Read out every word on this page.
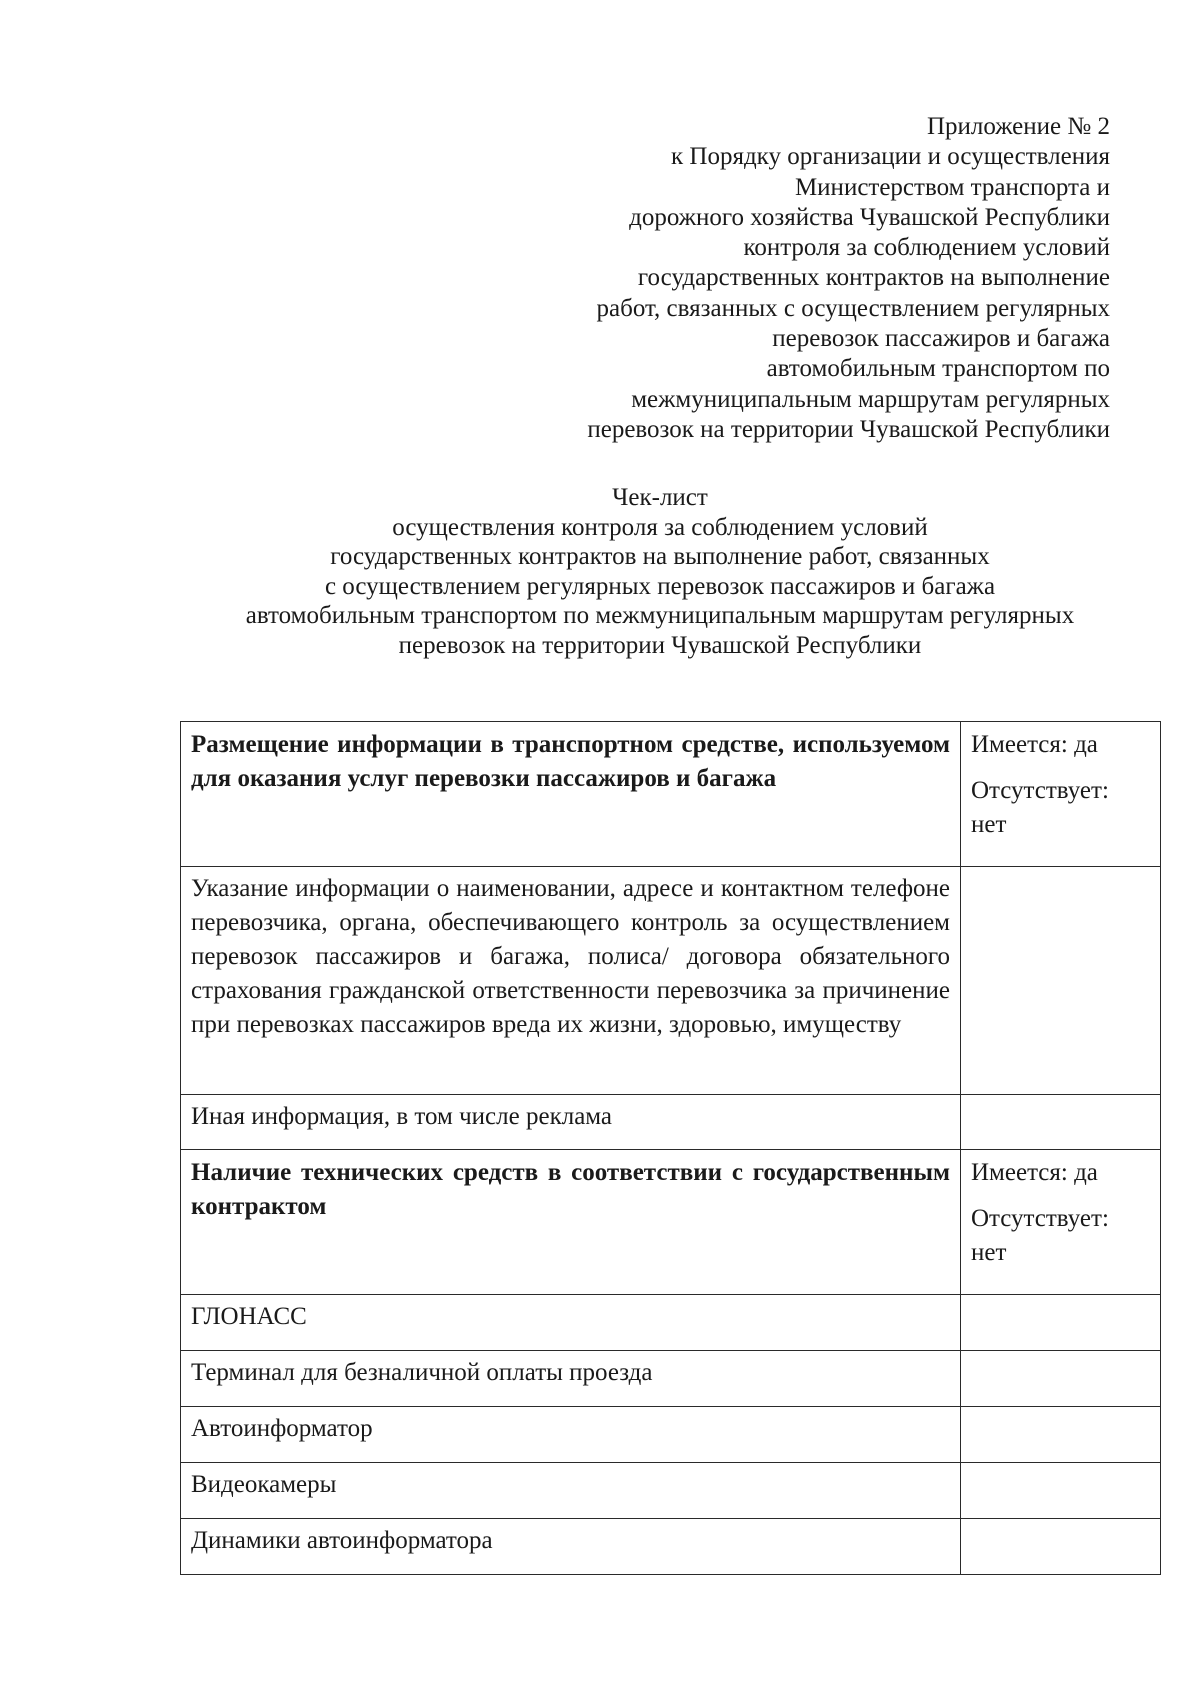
Приложение № 2
к Порядку организации и осуществления
Министерством транспорта и
дорожного хозяйства Чувашской Республики
контроля за соблюдением условий
государственных контрактов на выполнение
работ, связанных с осуществлением регулярных
перевозок пассажиров и багажа
автомобильным транспортом по
межмуниципальным маршрутам регулярных
перевозок на территории Чувашской Республики
Чек-лист
осуществления контроля за соблюдением условий
государственных контрактов на выполнение работ, связанных
с осуществлением регулярных перевозок пассажиров и багажа
автомобильным транспортом по межмуниципальным маршрутам регулярных
перевозок на территории Чувашской Республики
Размещение информации в транспортном средстве, используемом для оказания услуг перевозки пассажиров и багажа	Имеется: да
Отсутствует: нет

Указание информации о наименовании, адресе и контактном телефоне перевозчика, органа, обеспечивающего контроль за осуществлением перевозок пассажиров и багажа, полиса/ договора обязательного страхования гражданской ответственности перевозчика за причинение при перевозках пассажиров вреда их жизни, здоровью, имуществу	
Иная информация, в том числе реклама	
Наличие технических средств в соответствии с государственным контрактом	Имеется: да
Отсутствует: нет

ГЛОНАСС	
Терминал для безналичной оплаты проезда	
Автоинформатор	
Видеокамеры	
Динамики автоинформатора	
